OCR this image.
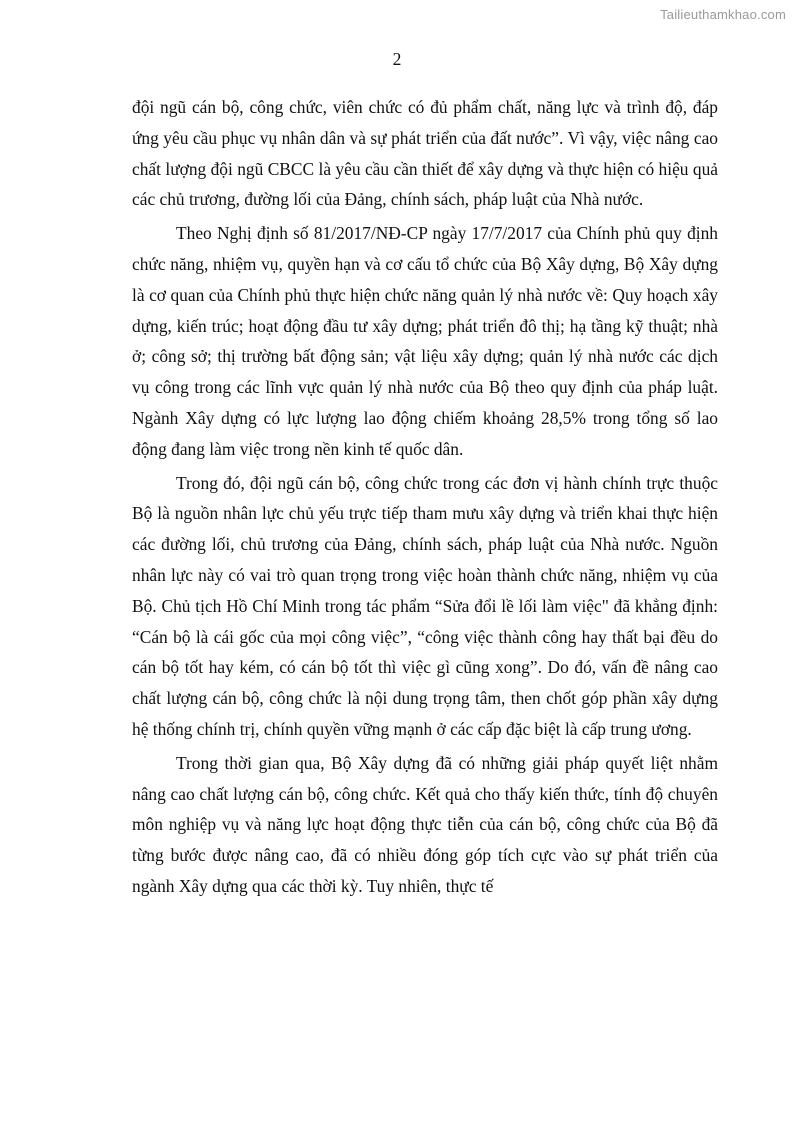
Tailieuthamkhao.com
2

đội ngũ cán bộ, công chức, viên chức có đủ phẩm chất, năng lực và trình độ, đáp ứng yêu cầu phục vụ nhân dân và sự phát triển của đất nước”. Vì vậy, việc nâng cao chất lượng đội ngũ CBCC là yêu cầu cần thiết để xây dựng và thực hiện có hiệu quả các chủ trương, đường lối của Đảng, chính sách, pháp luật của Nhà nước.

Theo Nghị định số 81/2017/NĐ-CP ngày 17/7/2017 của Chính phủ quy định chức năng, nhiệm vụ, quyền hạn và cơ cấu tổ chức của Bộ Xây dựng, Bộ Xây dựng là cơ quan của Chính phủ thực hiện chức năng quản lý nhà nước về: Quy hoạch xây dựng, kiến trúc; hoạt động đầu tư xây dựng; phát triển đô thị; hạ tầng kỹ thuật; nhà ở; công sở; thị trường bất động sản; vật liệu xây dựng; quản lý nhà nước các dịch vụ công trong các lĩnh vực quản lý nhà nước của Bộ theo quy định của pháp luật. Ngành Xây dựng có lực lượng lao động chiếm khoảng 28,5% trong tổng số lao động đang làm việc trong nền kinh tế quốc dân.

Trong đó, đội ngũ cán bộ, công chức trong các đơn vị hành chính trực thuộc Bộ là nguồn nhân lực chủ yếu trực tiếp tham mưu xây dựng và triển khai thực hiện các đường lối, chủ trương của Đảng, chính sách, pháp luật của Nhà nước. Nguồn nhân lực này có vai trò quan trọng trong việc hoàn thành chức năng, nhiệm vụ của Bộ. Chủ tịch Hồ Chí Minh trong tác phẩm “Sửa đổi lề lối làm việc" đã khẳng định: “Cán bộ là cái gốc của mọi công việc”, “công việc thành công hay thất bại đều do cán bộ tốt hay kém, có cán bộ tốt thì việc gì cũng xong”. Do đó, vấn đề nâng cao chất lượng cán bộ, công chức là nội dung trọng tâm, then chốt góp phần xây dựng hệ thống chính trị, chính quyền vững mạnh ở các cấp đặc biệt là cấp trung ương.

Trong thời gian qua, Bộ Xây dựng đã có những giải pháp quyết liệt nhằm nâng cao chất lượng cán bộ, công chức. Kết quả cho thấy kiến thức, tính độ chuyên môn nghiệp vụ và năng lực hoạt động thực tiễn của cán bộ, công chức của Bộ đã từng bước được nâng cao, đã có nhiều đóng góp tích cực vào sự phát triển của ngành Xây dựng qua các thời kỳ. Tuy nhiên, thực tế
